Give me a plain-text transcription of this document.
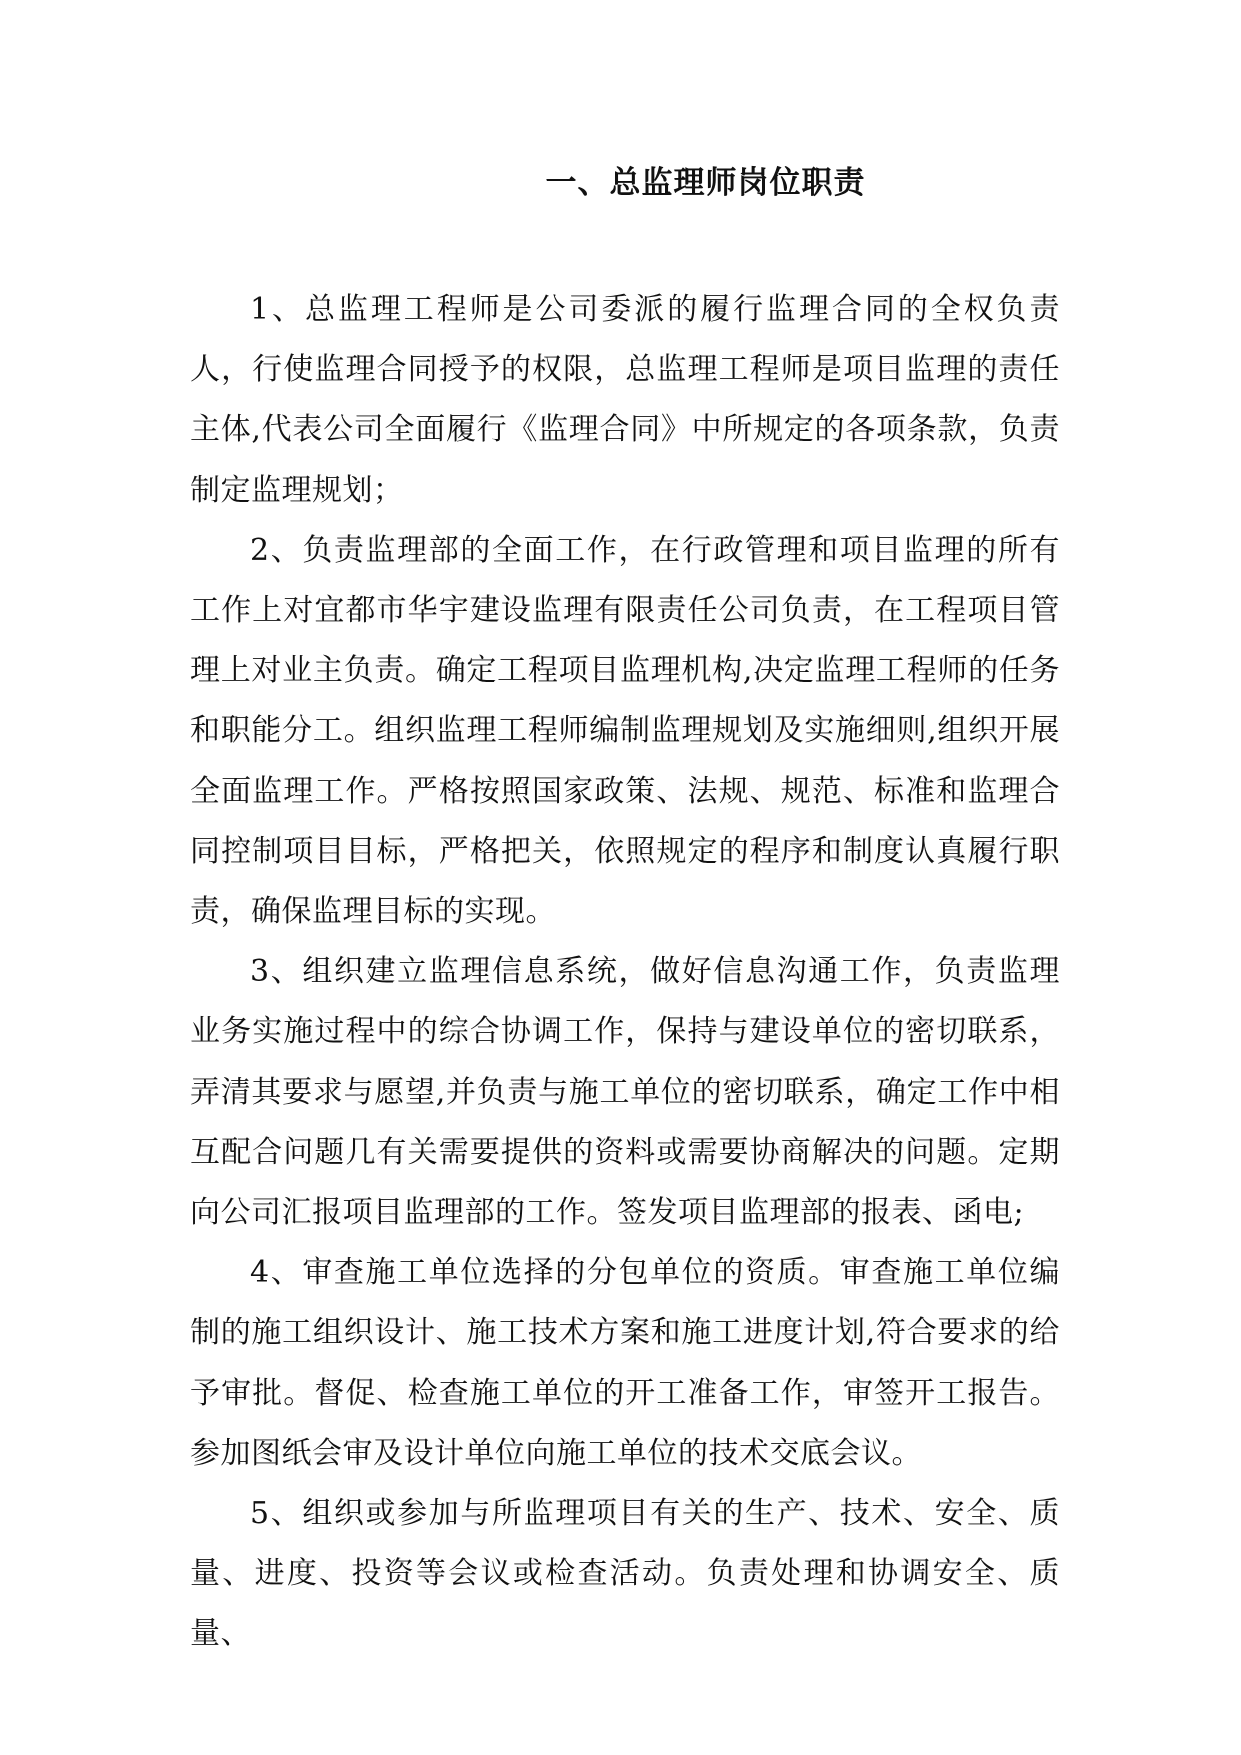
一、总监理师岗位职责

1、总监理工程师是公司委派的履行监理合同的全权负责人，行使监理合同授予的权限，总监理工程师是项目监理的责任主体,代表公司全面履行《监理合同》中所规定的各项条款，负责制定监理规划；

2、负责监理部的全面工作，在行政管理和项目监理的所有工作上对宜都市华宇建设监理有限责任公司负责，在工程项目管理上对业主负责。确定工程项目监理机构,决定监理工程师的任务和职能分工。组织监理工程师编制监理规划及实施细则,组织开展全面监理工作。严格按照国家政策、法规、规范、标准和监理合同控制项目目标，严格把关，依照规定的程序和制度认真履行职责，确保监理目标的实现。

3、组织建立监理信息系统，做好信息沟通工作，负责监理业务实施过程中的综合协调工作，保持与建设单位的密切联系，弄清其要求与愿望,并负责与施工单位的密切联系，确定工作中相互配合问题几有关需要提供的资料或需要协商解决的问题。定期向公司汇报项目监理部的工作。签发项目监理部的报表、函电;

4、审查施工单位选择的分包单位的资质。审查施工单位编制的施工组织设计、施工技术方案和施工进度计划,符合要求的给予审批。督促、检查施工单位的开工准备工作，审签开工报告。参加图纸会审及设计单位向施工单位的技术交底会议。

5、组织或参加与所监理项目有关的生产、技术、安全、质量、进度、投资等会议或检查活动。负责处理和协调安全、质量、
